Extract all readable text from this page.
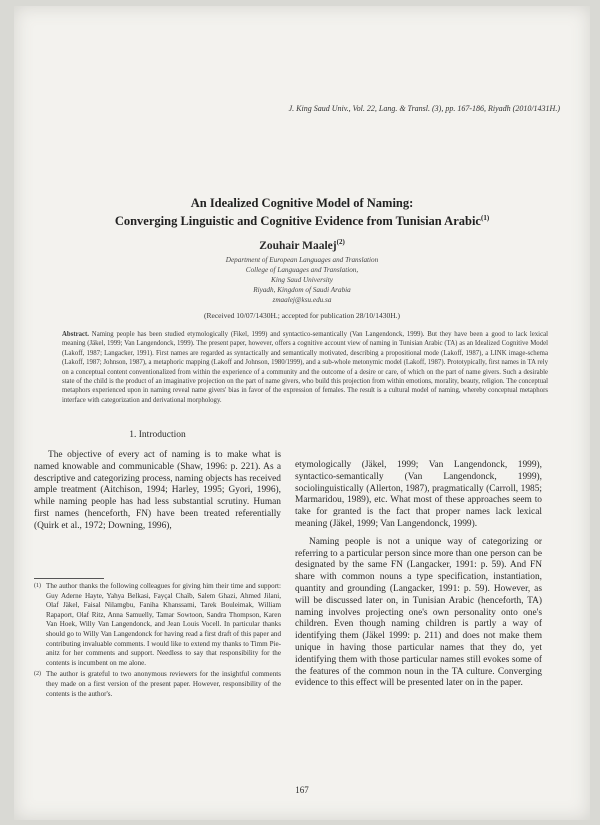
J. King Saud Univ., Vol. 22, Lang. & Transl. (3), pp. 167-186, Riyadh (2010/1431H.)
An Idealized Cognitive Model of Naming:
Converging Linguistic and Cognitive Evidence from Tunisian Arabic$^{(1)}$
Zouhair Maalej$^{(2)}$
Department of European Languages and Translation
College of Languages and Translation,
King Saud University
Riyadh, Kingdom of Saudi Arabia
zmaalej@ksu.edu.sa
(Received 10/07/1430H.; accepted for publication 28/10/1430H.)
Abstract. Naming people has been studied etymologically (Fikel, 1999) and syntactico-semantically (Van Langendonck, 1999). But they have been a good to lack lexical meaning (Jäkel, 1999; Van Langendonck, 1999). The present paper, however, offers a cognitive account view of naming in Tunisian Arabic (TA) as an Idealized Cognitive Model (Lakoff, 1987; Langacker, 1991). First names are regarded as syntactically and semantically motivated, describing a propositional mode (Lakoff, 1987), a LINK image-schema (Lakoff, 1987; Johnson, 1987), a metaphoric mapping (Lakoff and Johnson, 1980/1999), and a sub-whole metonymic model (Lakoff, 1987). Prototypically, first names in TA rely on a conceptual content conventionalized from within the experience of a community and the outcome of a desire or care, of which on the part of name givers. Such a desirable state of the child is the product of an imaginative projection on the part of name givers, who build this projection from within emotions, morality, beauty, religion. The conceptual metaphors experienced upon in naming reveal name givers' bias in favor of the expression of females. The result is a cultural model of naming, whereby conceptual metaphors interface with categorization and derivational morphology.
1. Introduction

The objective of every act of naming is to make what is named knowable and communicable (Shaw, 1996: p. 221). As a descriptive and categorizing process, naming objects has received ample treatment (Aitchison, 1994; Harley, 1995; Gyori, 1996), while naming people has had less substantial scrutiny. Human first names (henceforth, FN) have been treated referentially (Quirk et al., 1972; Downing, 1996),

(1) The author thanks the following colleagues for giving him their time and support: Guy Aderne Hayte, Yahya Belkasi, Fayçal Chaïb, Salem Ghazi, Ahmed Jilani, Olaf Jäkel, Faisal Nilamgbu, Faniha Khanssami, Tarek Bouleimak, William Rapaport, Olaf Ritz, Anna Samuelly, Tamar Sowtoon, Sandra Thompson, Karen Van Hoek, Willy Van Langendonck, and Jean Louis Vocell. In particular thanks should go to Willy Van Langendonck for having read a first draft of this paper and contributing invaluable comments. I would like to extend my thanks to Timm Pie-anitz for her comments and support. Needless to say that responsibility for the contents is incumbent on me alone.
(2) The author is grateful to two anonymous reviewers for the insightful comments they made on a first version of the present paper. However, responsibility of the contents is the author's.

etymologically (Jäkel, 1999; Van Langendonck, 1999), syntactico-semantically (Van Langendonck, 1999), sociolinguistically (Allerton, 1987), pragmatically (Carroll, 1985; Marmaridou, 1989), etc. What most of these approaches seem to take for granted is the fact that proper names lack lexical meaning (Jäkel, 1999; Van Langendonck, 1999).

Naming people is not a unique way of categorizing or referring to a particular person since more than one person can be designated by the same FN (Langacker, 1991: p. 59). And FN share with common nouns a type specification, instantiation, quantity and grounding (Langacker, 1991: p. 59). However, as will be discussed later on, in Tunisian Arabic (henceforth, TA) naming involves projecting one's own personality onto one's children. Even though naming children is partly a way of identifying them (Jäkel 1999: p. 211) and does not make them unique in having those particular names that they do, yet identifying them with those particular names still evokes some of the features of the common noun in the TA culture. Converging evidence to this effect will be presented later on in the paper.

167
